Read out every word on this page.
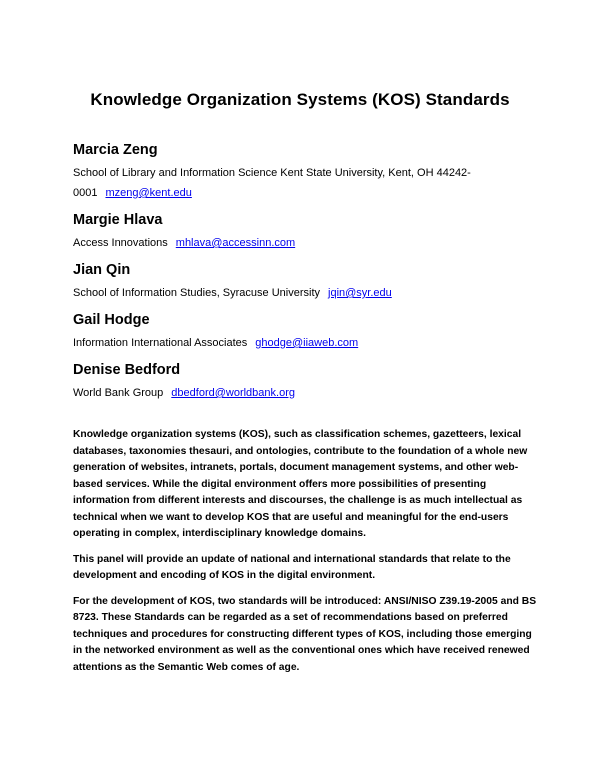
Knowledge Organization Systems (KOS) Standards
Marcia Zeng
School of Library and Information Science Kent State University, Kent, OH 44242-0001 mzeng@kent.edu
Margie Hlava
Access Innovations mhlava@accessinn.com
Jian Qin
School of Information Studies, Syracuse University jqin@syr.edu
Gail Hodge
Information International Associates ghodge@iiaweb.com
Denise Bedford
World Bank Group dbedford@worldbank.org

Knowledge organization systems (KOS), such as classification schemes, gazetteers, lexical databases, taxonomies thesauri, and ontologies, contribute to the foundation of a whole new generation of websites, intranets, portals, document management systems, and other web-based services. While the digital environment offers more possibilities of presenting information from different interests and discourses, the challenge is as much intellectual as technical when we want to develop KOS that are useful and meaningful for the end-users operating in complex, interdisciplinary knowledge domains.

This panel will provide an update of national and international standards that relate to the development and encoding of KOS in the digital environment.

For the development of KOS, two standards will be introduced: ANSI/NISO Z39.19-2005 and BS 8723. These Standards can be regarded as a set of recommendations based on preferred techniques and procedures for constructing different types of KOS, including those emerging in the networked environment as well as the conventional ones which have received renewed attentions as the Semantic Web comes of age.
